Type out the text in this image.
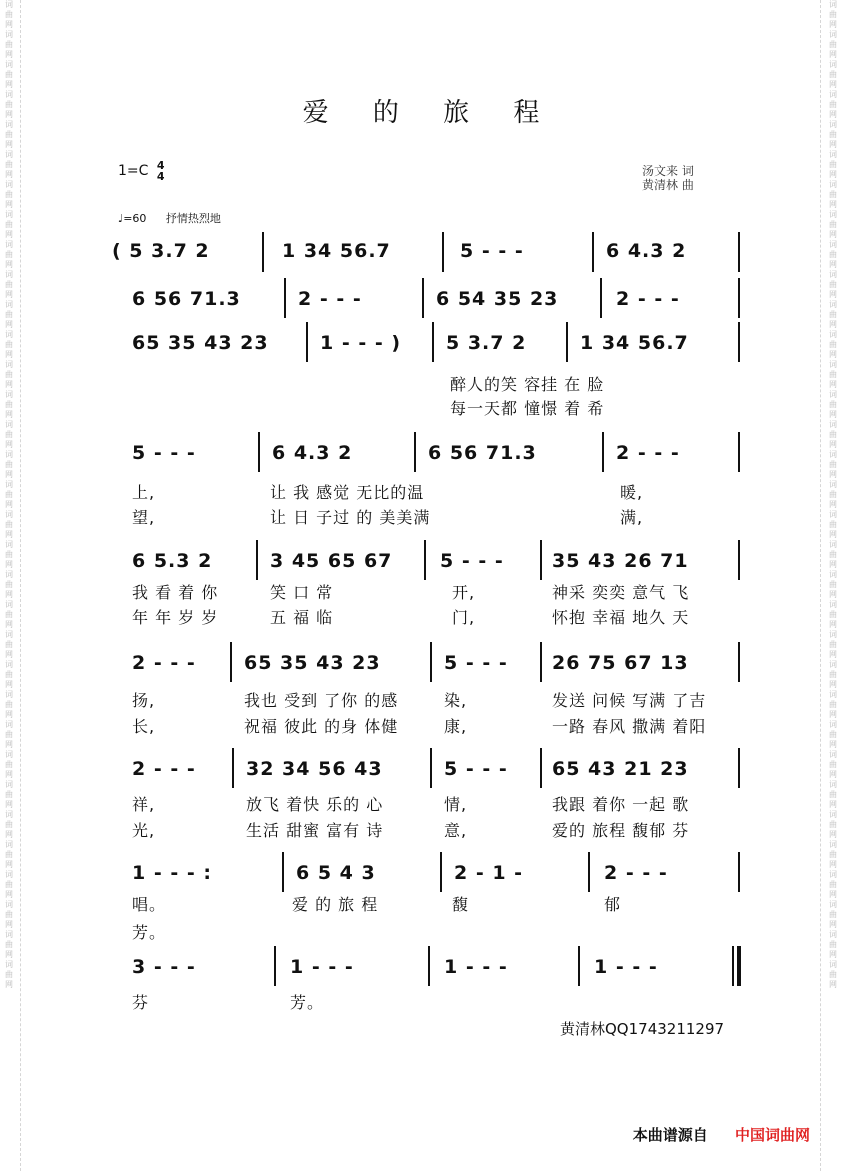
词曲网词曲网词曲网词曲网词曲网词曲网词曲网词曲网词曲网词曲网词曲网词曲网词曲网词曲网词曲网词曲网词曲网词曲网词曲网词曲网词曲网词曲网词曲网词曲网词曲网词曲网词曲网词曲网词曲网词曲网词曲网词曲网词曲网
词曲网词曲网词曲网词曲网词曲网词曲网词曲网词曲网词曲网词曲网词曲网词曲网词曲网词曲网词曲网词曲网词曲网词曲网词曲网词曲网词曲网词曲网词曲网词曲网词曲网词曲网词曲网词曲网词曲网词曲网词曲网词曲网词曲网
爱 的 旅 程
1=C 4
4	汤文来 词
黄清林 曲
♩=60 抒情热烈地
( 5 3.7 2	1 34 56.7	5 - - -	6 4.3 2
6 56 71.3	2 - - -	6 54 35 23	2 - - -
65 35 43 23	1 - - - ) 5 3.7 2	1 34 56.7
醉人的笑 容挂 在 脸
每一天都 憧憬 着 希
5 - - -	6 4.3 2	6 56 71.3	2 - - -
上,	让 我 感觉 无比的温	暖,
望,	让 日 子过 的 美美满	满,
6 5.3 2	3 45 65 67	5 - - -	35 43 26 71
我 看 着 你	笑 口 常	开,	神采 奕奕 意气 飞
年 年 岁 岁	五 福 临	门,	怀抱 幸福 地久 天
2 - - -	65 35 43 23	5 - - - 26 75 67 13
扬,	我也 受到 了你 的感	染,	发送 问候 写满 了吉
长,	祝福 彼此 的身 体健	康,	一路 春风 撒满 着阳
2 - - -	32 34 56 43	5 - - - 65 43 21 23
祥,	放飞 着快 乐的 心	情,	我跟 着你 一起 歌
光,	生活 甜蜜 富有 诗	意,	爱的 旅程 馥郁 芬
1 - - - :	6 5 4 3	2 - 1 -	2 - - -
唱。	爱 的 旅 程	馥	郁
芳。
3 - - -	1 - - -	1 - - -	1 - - -
芬	芳。
黄清林QQ1743211297
本曲谱源自 中国词曲网
